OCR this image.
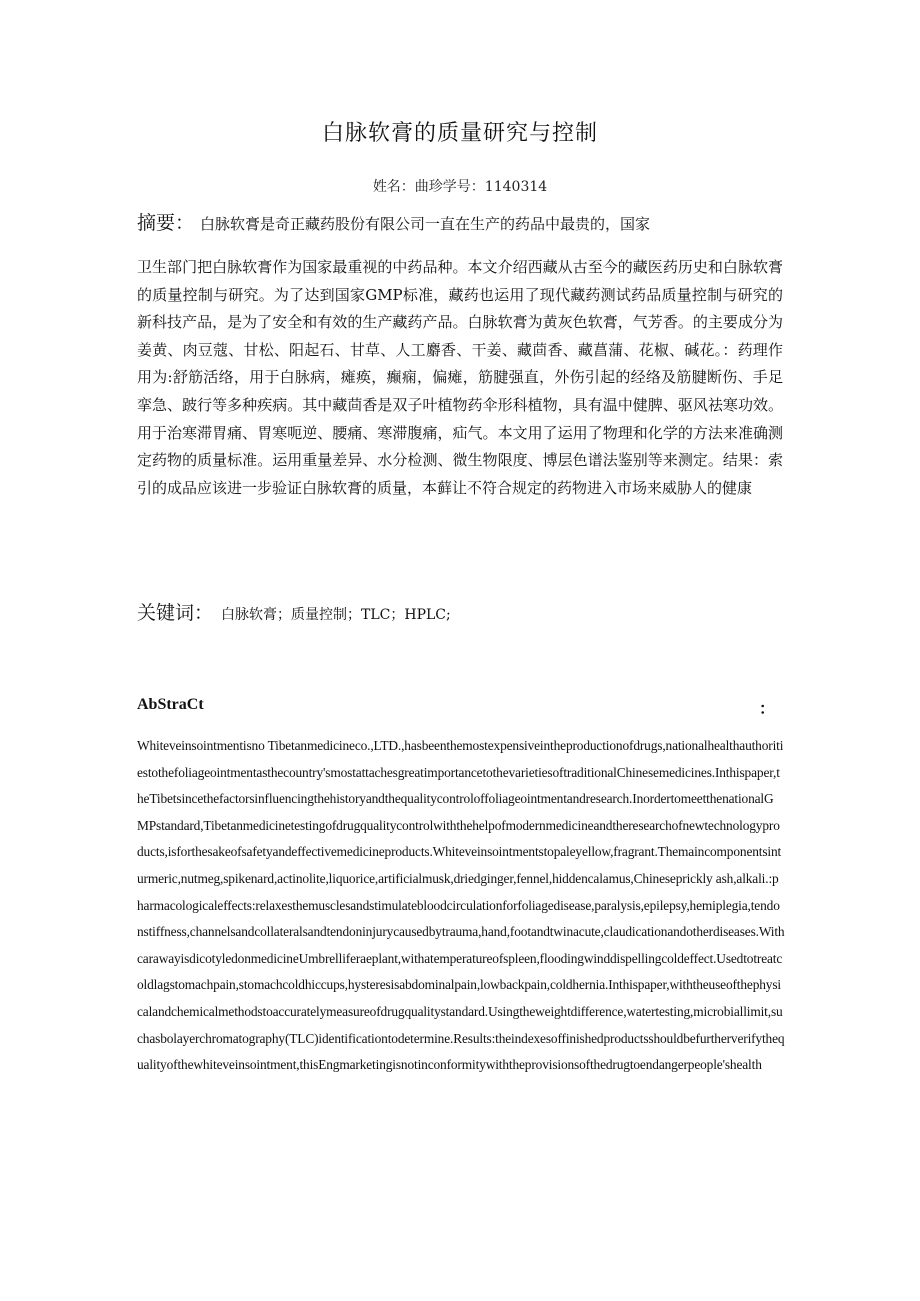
白脉软膏的质量研究与控制
姓名：曲珍学号：1140314
摘要： 白脉软膏是奇正藏药股份有限公司一直在生产的药品中最贵的，国家
卫生部门把白脉软膏作为国家最重视的中药品种。本文介绍西藏从古至今的藏医药历史和白脉软膏的质量控制与研究。为了达到国家GMP标准，藏药也运用了现代藏药测试药品质量控制与研究的新科技产品，是为了安全和有效的生产藏药产品。白脉软膏为黄灰色软膏，气芳香。的主要成分为姜黄、肉豆蔻、甘松、阳起石、甘草、人工麝香、干姜、藏茴香、藏菖蒲、花椒、碱花。：药理作用为:舒筋活络，用于白脉病，瘫痪，癫痫，偏瘫，筋腱强直，外伤引起的经络及筋腱断伤、手足挛急、跛行等多种疾病。其中藏茴香是双子叶植物药伞形科植物，具有温中健脾、驱风祛寒功效。用于治寒滞胃痛、胃寒呃逆、腰痛、寒滞腹痛，疝气。本文用了运用了物理和化学的方法来准确测定药物的质量标准。运用重量差异、水分检测、微生物限度、博层色谱法鉴别等来测定。结果：索引的成品应该进一步验证白脉软膏的质量，本藓让不符合规定的药物进入市场来威胁人的健康
关键词： 白脉软膏；质量控制；TLC；HPLC;
AbStraCt	：
Whiteveinsointmentisno Tibetanmedicineco.,LTD.,hasbeenthemostexpensiveintheproductionofdrugs,nationalhealthauthoritiestothefoliageointmentasthecountry'smostattachesgreatimportancetothevarietiesoftraditionalChinesemedicines.Inthispaper,theTibetsincethefactorsinfluencingthehistoryandthequalitycontroloffoliageointmentandresearch.InordertomeetthenationalGMPstandard,Tibetanmedicinetestingofdrugqualitycontrolwiththehelpofmodernmedicineandtheresearchofnewtechnologyproducts,isforthesakeofsafetyandeffectivemedicineproducts.Whiteveinsointmentstopaleyellow,fragrant.Themaincomponentsinturmeric,nutmeg,spikenard,actinolite,liquorice,artificialmusk,driedginger,fennel,hiddencalamus,Chineseprickly ash,alkali.:pharmacologicaleffects:relaxesthemusclesandstimulatebloodcirculationforfoliagedisease,paralysis,epilepsy,hemiplegia,tendonstiffness,channelsandcollateralsandtendoninjurycausedbytrauma,hand,footandtwinacute,claudicationandotherdiseases.WithcarawayisdicotyledonmedicineUmbrelliferaeplant,withatemperatureofspleen,floodingwinddispellingcoldeffect.Usedtotreatcoldlagstomachpain,stomachcoldhiccups,hysteresisabdominalpain,lowbackpain,coldhernia.Inthispaper,withtheuseofthephysicalandchemicalmethodstoaccuratelymeasureofdrugqualitystandard.Usingtheweightdifference,watertesting,microbiallimit,suchasbolayerchromatography(TLC)identificationtodetermine.Results:theindexesoffinishedproductsshouldbefurtherverifythequalityofthewhiteveinsointment,thisEngmarketingisnotinconformitywiththeprovisionsofthedrugtoendangerpeople'shealth
